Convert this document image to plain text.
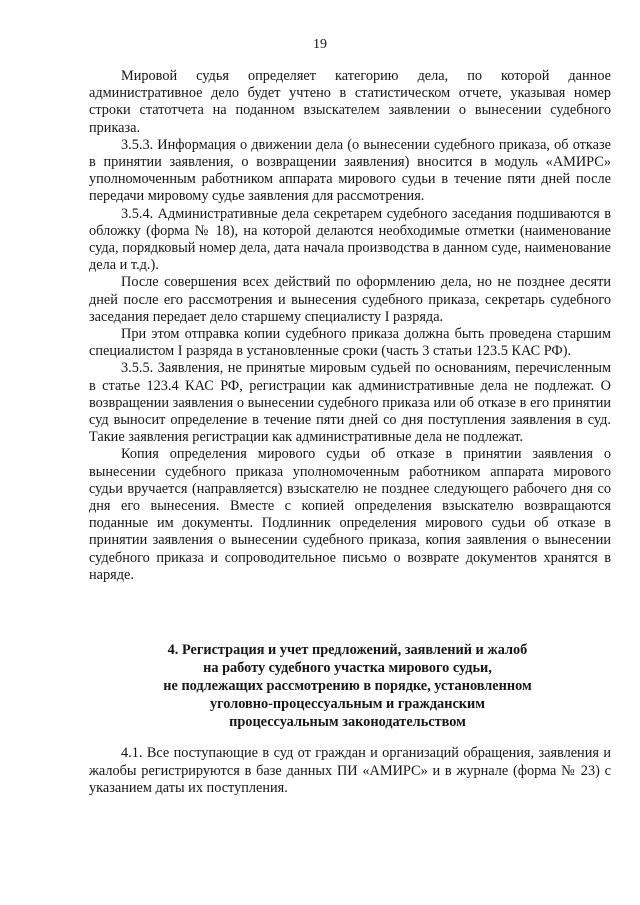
19

Мировой судья определяет категорию дела, по которой данное административное дело будет учтено в статистическом отчете, указывая номер строки статотчета на поданном взыскателем заявлении о вынесении судебного приказа.

3.5.3. Информация о движении дела (о вынесении судебного приказа, об отказе в принятии заявления, о возвращении заявления) вносится в модуль «АМИРС» уполномоченным работником аппарата мирового судьи в течение пяти дней после передачи мировому судье заявления для рассмотрения.

3.5.4. Административные дела секретарем судебного заседания подшиваются в обложку (форма № 18), на которой делаются необходимые отметки (наименование суда, порядковый номер дела, дата начала производства в данном суде, наименование дела и т.д.).

После совершения всех действий по оформлению дела, но не позднее десяти дней после его рассмотрения и вынесения судебного приказа, секретарь судебного заседания передает дело старшему специалисту I разряда.

При этом отправка копии судебного приказа должна быть проведена старшим специалистом I разряда в установленные сроки (часть 3 статьи 123.5 КАС РФ).

3.5.5. Заявления, не принятые мировым судьей по основаниям, перечисленным в статье 123.4 КАС РФ, регистрации как административные дела не подлежат. О возвращении заявления о вынесении судебного приказа или об отказе в его принятии суд выносит определение в течение пяти дней со дня поступления заявления в суд. Такие заявления регистрации как административные дела не подлежат.

Копия определения мирового судьи об отказе в принятии заявления о вынесении судебного приказа уполномоченным работником аппарата мирового судьи вручается (направляется) взыскателю не позднее следующего рабочего дня со дня его вынесения. Вместе с копией определения взыскателю возвращаются поданные им документы. Подлинник определения мирового судьи об отказе в принятии заявления о вынесении судебного приказа, копия заявления о вынесении судебного приказа и сопроводительное письмо о возврате документов хранятся в наряде.

4. Регистрация и учет предложений, заявлений и жалоб
на работу судебного участка мирового судьи,
не подлежащих рассмотрению в порядке, установленном
уголовно-процессуальным и гражданским
процессуальным законодательством

4.1. Все поступающие в суд от граждан и организаций обращения, заявления и жалобы регистрируются в базе данных ПИ «АМИРС» и в журнале (форма № 23) с указанием даты их поступления.
